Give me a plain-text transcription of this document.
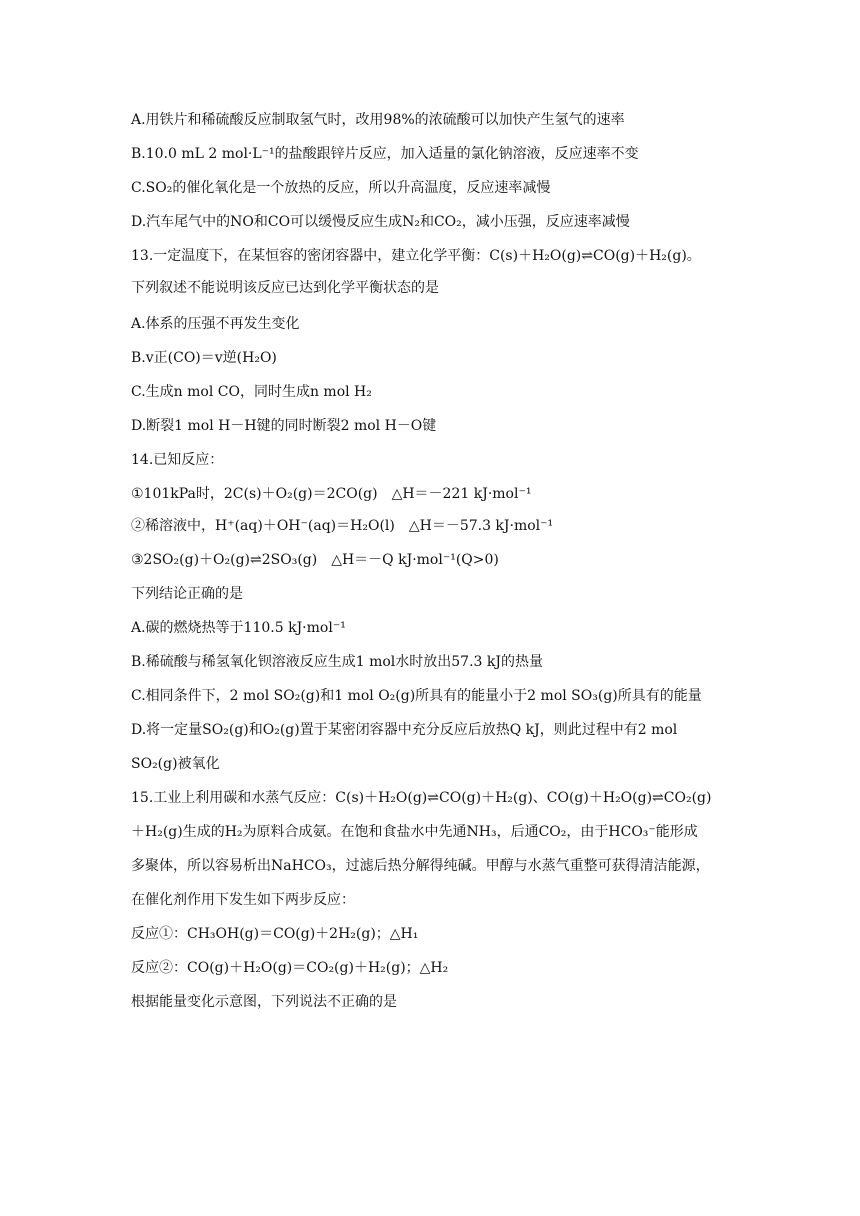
A.用铁片和稀硫酸反应制取氢气时，改用98%的浓硫酸可以加快产生氢气的速率
B.10.0 mL 2 mol·L⁻¹的盐酸跟锌片反应，加入适量的氯化钠溶液，反应速率不变
C.SO₂的催化氧化是一个放热的反应，所以升高温度，反应速率减慢
D.汽车尾气中的NO和CO可以缓慢反应生成N₂和CO₂，减小压强，反应速率减慢
13.一定温度下，在某恒容的密闭容器中，建立化学平衡：C(s)＋H₂O(g)⇌CO(g)＋H₂(g)。
下列叙述不能说明该反应已达到化学平衡状态的是
A.体系的压强不再发生变化
B.v正(CO)＝v逆(H₂O)
C.生成n mol CO，同时生成n mol H₂
D.断裂1 mol H－H键的同时断裂2 mol H－O键
14.已知反应：
①101kPa时，2C(s)＋O₂(g)＝2CO(g)　△H＝－221 kJ·mol⁻¹
②稀溶液中，H⁺(aq)＋OH⁻(aq)＝H₂O(l)　△H＝－57.3 kJ·mol⁻¹
③2SO₂(g)＋O₂(g)⇌2SO₃(g)　△H＝－Q kJ·mol⁻¹(Q>0)
下列结论正确的是
A.碳的燃烧热等于110.5 kJ·mol⁻¹
B.稀硫酸与稀氢氧化钡溶液反应生成1 mol水时放出57.3 kJ的热量
C.相同条件下，2 mol SO₂(g)和1 mol O₂(g)所具有的能量小于2 mol SO₃(g)所具有的能量
D.将一定量SO₂(g)和O₂(g)置于某密闭容器中充分反应后放热Q kJ，则此过程中有2 mol
SO₂(g)被氧化
15.工业上利用碳和水蒸气反应：C(s)＋H₂O(g)⇌CO(g)＋H₂(g)、CO(g)＋H₂O(g)⇌CO₂(g)
＋H₂(g)生成的H₂为原料合成氨。在饱和食盐水中先通NH₃，后通CO₂，由于HCO₃⁻能形成
多聚体，所以容易析出NaHCO₃，过滤后热分解得纯碱。甲醇与水蒸气重整可获得清洁能源，
在催化剂作用下发生如下两步反应：
反应①：CH₃OH(g)＝CO(g)＋2H₂(g)；△H₁
反应②：CO(g)＋H₂O(g)＝CO₂(g)＋H₂(g)；△H₂
根据能量变化示意图，下列说法不正确的是
